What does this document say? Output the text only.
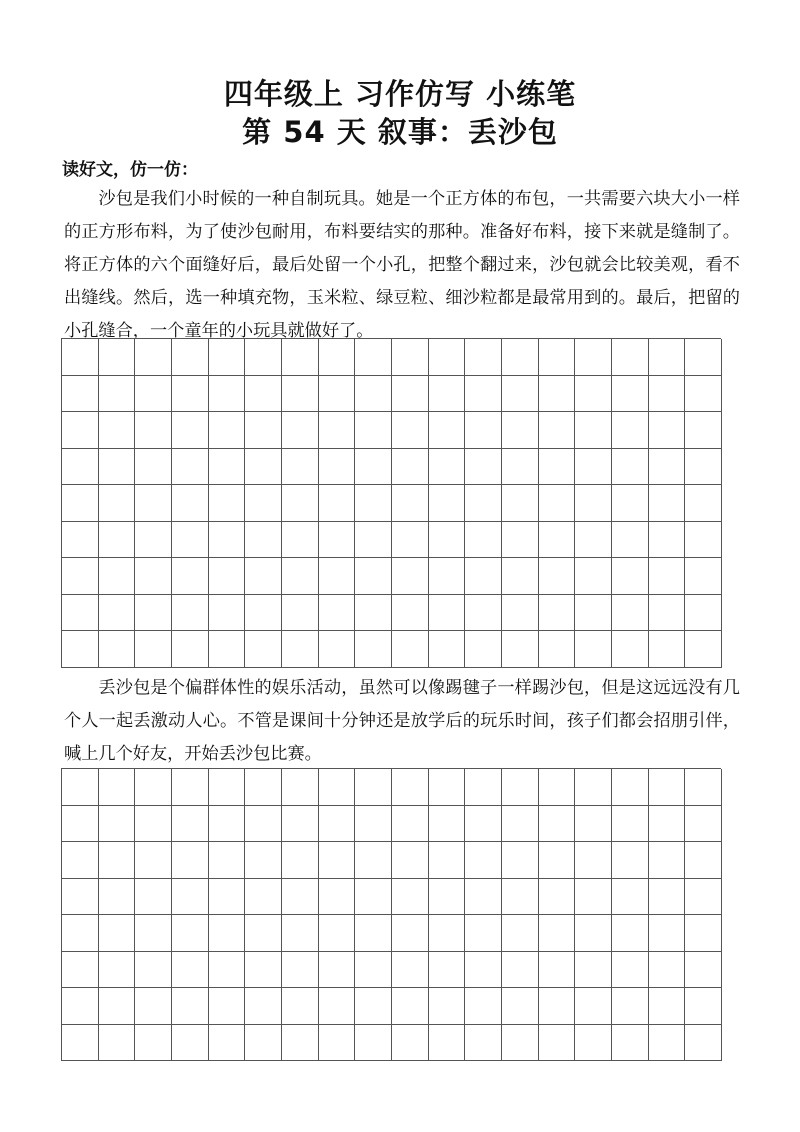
四年级上 习作仿写 小练笔
第 54 天 叙事：丢沙包
读好文，仿一仿：

沙包是我们小时候的一种自制玩具。她是一个正方体的布包，一共需要六块大小一样的正方形布料，为了使沙包耐用，布料要结实的那种。准备好布料，接下来就是缝制了。将正方体的六个面缝好后，最后处留一个小孔，把整个翻过来，沙包就会比较美观，看不出缝线。然后，选一种填充物，玉米粒、绿豆粒、细沙粒都是最常用到的。最后，把留的小孔缝合，一个童年的小玩具就做好了。

丢沙包是个偏群体性的娱乐活动，虽然可以像踢毽子一样踢沙包，但是这远远没有几个人一起丢激动人心。不管是课间十分钟还是放学后的玩乐时间，孩子们都会招朋引伴，喊上几个好友，开始丢沙包比赛。
